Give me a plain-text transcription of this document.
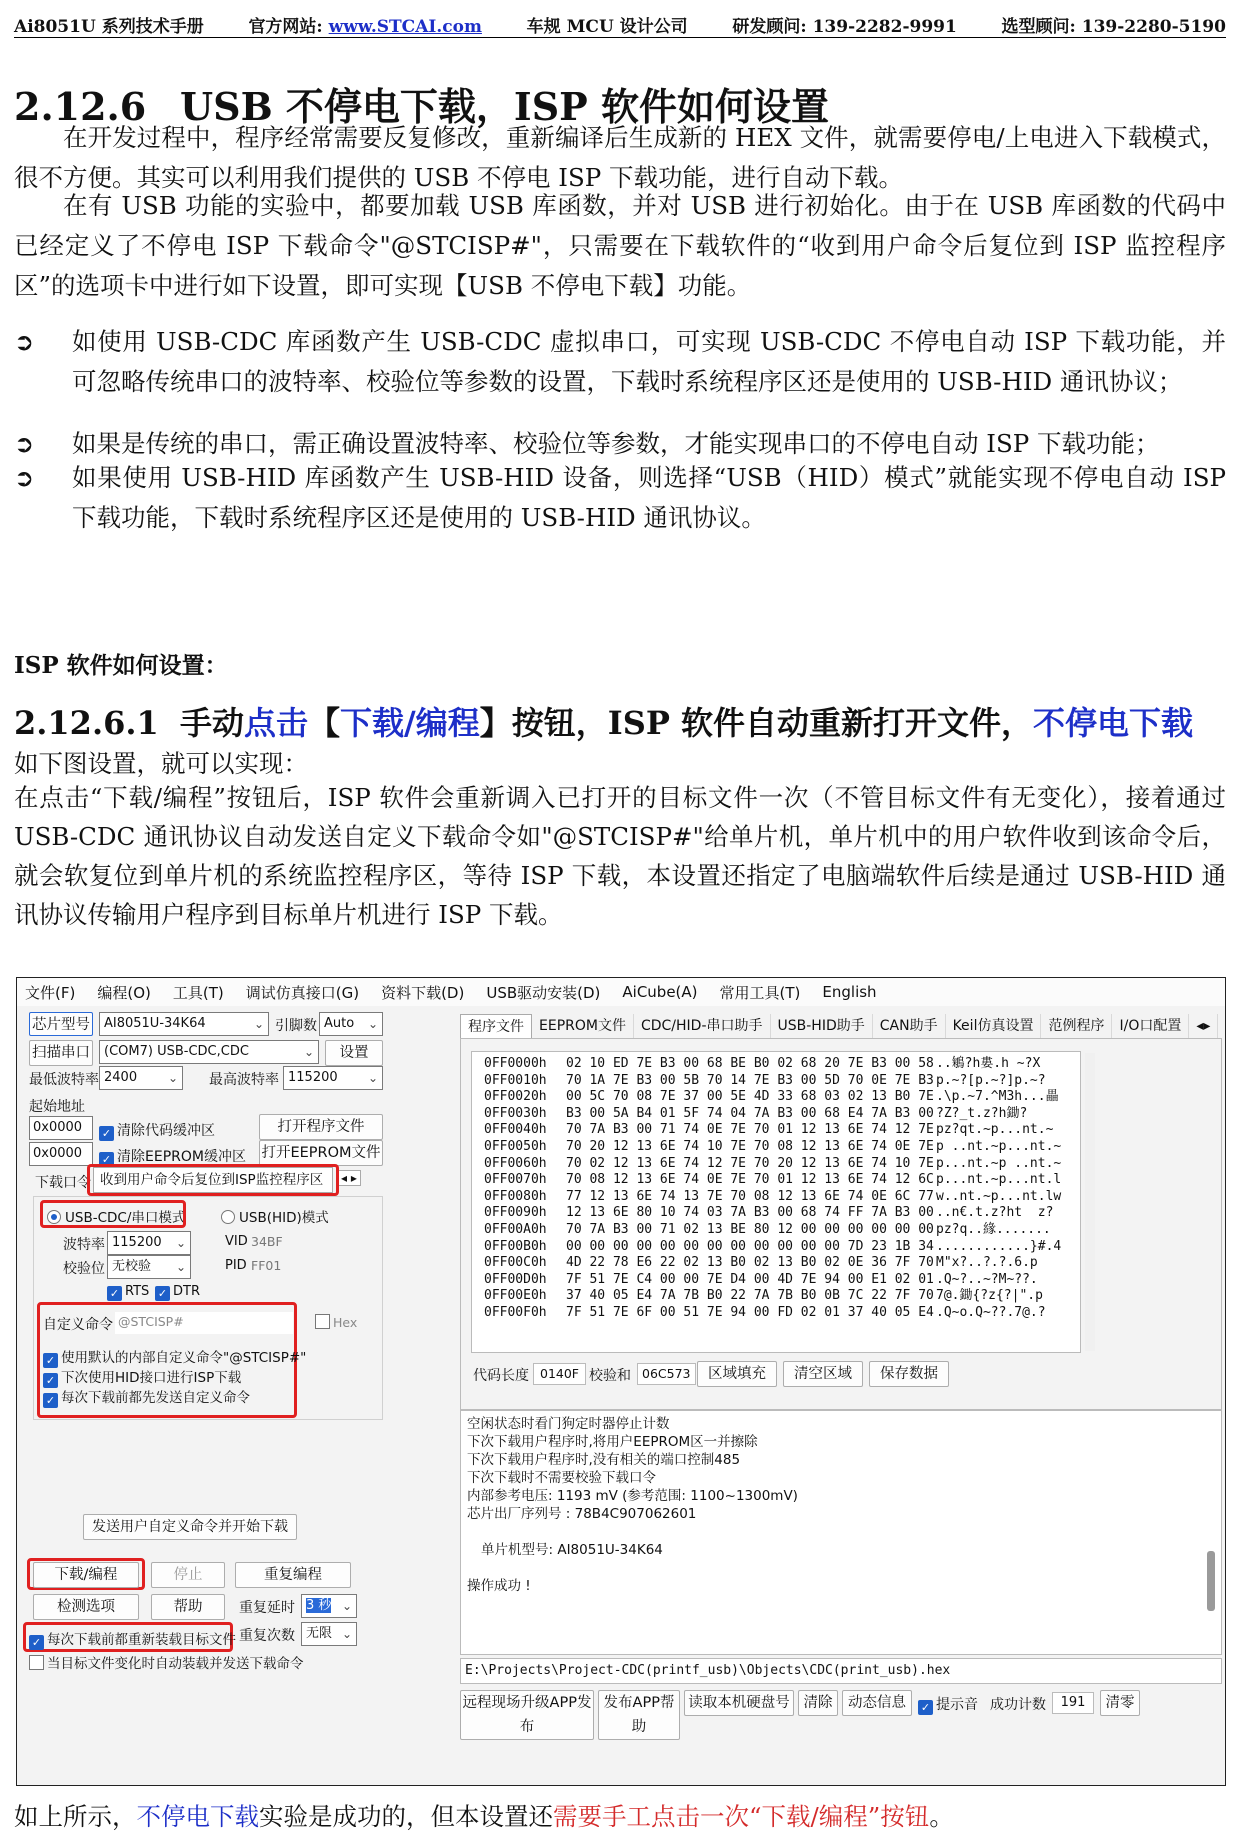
Ai8051U 系列技术手册	官方网站: www.STCAI.com	车规 MCU 设计公司	研发顾问: 139-2282-9991	选型顾问: 139-2280-5190
2.12.6 USB 不停电下载，ISP 软件如何设置
在开发过程中，程序经常需要反复修改，重新编译后生成新的 HEX 文件，就需要停电/上电进入下载模式，很不方便。其实可以利用我们提供的 USB 不停电 ISP 下载功能，进行自动下载。
在有 USB 功能的实验中，都要加载 USB 库函数，并对 USB 进行初始化。由于在 USB 库函数的代码中已经定义了不停电 ISP 下载命令"@STCISP#"，只需要在下载软件的“收到用户命令后复位到 ISP 监控程序区”的选项卡中进行如下设置，即可实现【USB 不停电下载】功能。
➲	如使用 USB-CDC 库函数产生 USB-CDC 虚拟串口，可实现 USB-CDC 不停电自动 ISP 下载功能，并可忽略传统串口的波特率、校验位等参数的设置，下载时系统程序区还是使用的 USB-HID 通讯协议；
➲	如果是传统的串口，需正确设置波特率、校验位等参数，才能实现串口的不停电自动 ISP 下载功能；
➲	如果使用 USB-HID 库函数产生 USB-HID 设备，则选择“USB（HID）模式”就能实现不停电自动 ISP 下载功能，下载时系统程序区还是使用的 USB-HID 通讯协议。
ISP 软件如何设置：
2.12.6.1 手动点击【下载/编程】按钮，ISP 软件自动重新打开文件，不停电下载
如下图设置，就可以实现：
在点击“下载/编程”按钮后，ISP 软件会重新调入已打开的目标文件一次（不管目标文件有无变化），接着通过 USB-CDC 通讯协议自动发送自定义下载命令如"@STCISP#"给单片机，单片机中的用户软件收到该命令后，就会软复位到单片机的系统监控程序区，等待 ISP 下载，本设置还指定了电脑端软件后续是通过 USB-HID 通讯协议传输用户程序到目标单片机进行 ISP 下载。
文件(F) 编程(O) 工具(T) 调试仿真接口(G) 资料下载(D) USB驱动安装(D) AiCube(A) 常用工具(T) English
芯片型号	AI8051U-34K64	⌄ 引脚数 Auto ⌄
扫描串口	(COM7) USB-CDC,CDC	⌄	设置
最低波特率 2400	⌄ 最高波特率 115200	⌄
起始地址
0x0000	✓ 清除代码缓冲区	打开程序文件
0x0000	✓ 清除EEPROM缓冲区 打开EEPROM文件
下载口令 收到用户命令后复位到ISP监控程序区	◂ ▸
USB-CDC/串口模式	USB(HID)模式
波特率 115200 ⌄	VID 34BF
校验位 无校验 ⌄	PID FF01
✓ RTS ✓ DTR
自定义命令 @STCISP#	Hex
✓ 使用默认的内部自定义命令"@STCISP#"
✓ 下次使用HID接口进行ISP下载
✓ 每次下载前都先发送自定义命令
发送用户自定义命令并开始下载
下载/编程	停止	重复编程
检测选项	帮助	重复延时 3 秒 ⌄
✓ 每次下载前都重新装载目标文件 重复次数 无限 ⌄
当目标文件变化时自动装载并发送下载命令
程序文件	EEPROM文件	CDC/HID-串口助手	USB-HID助手	CAN助手	Keil仿真设置	范例程序	I/O口配置	◂▸
0FF0000h	02 10 ED 7E B3 00 68 BE B0 02 68 20 7E B3 00 58 ..鵴?h婁.h ~?X
0FF0010h	70 1A 7E B3 00 5B 70 14 7E B3 00 5D 70 0E 7E B3 p.~?[p.~?]p.~?
0FF0020h	00 5C 70 08 7E 37 00 5E 4D 33 68 03 02 13 B0 7E .\p.~7.^M3h...畾
0FF0030h	B3 00 5A B4 01 5F 74 04 7A B3 00 68 E4 7A B3 00 ?Z?_t.z?h鋤?
0FF0040h	70 7A B3 00 71 74 0E 7E 70 01 12 13 6E 74 12 7E pz?qt.~p...nt.~
0FF0050h	70 20 12 13 6E 74 10 7E 70 08 12 13 6E 74 0E 7E p ..nt.~p...nt.~
0FF0060h	70 02 12 13 6E 74 12 7E 70 20 12 13 6E 74 10 7E p...nt.~p ..nt.~
0FF0070h	70 08 12 13 6E 74 0E 7E 70 01 12 13 6E 74 12 6C p...nt.~p...nt.l
0FF0080h	77 12 13 6E 74 13 7E 70 08 12 13 6E 74 0E 6C 77 w..nt.~p...nt.lw
0FF0090h	12 13 6E 80 10 74 03 7A B3 00 68 74 FF 7A B3 00 ..n€.t.z?ht  z?
0FF00A0h	70 7A B3 00 71 02 13 BE 80 12 00 00 00 00 00 00 pz?q..緣.......
0FF00B0h	00 00 00 00 00 00 00 00 00 00 00 00 7D 23 1B 34 ............}#.4
0FF00C0h	4D 22 78 E6 22 02 13 B0 02 13 B0 02 0E 36 7F 70 M"x?..?.?.6.p
0FF00D0h	7F 51 7E C4 00 00 7E D4 00 4D 7E 94 00 E1 02 01 .Q~?..~?M~??.
0FF00E0h	37 40 05 E4 7A 7B B0 22 7A 7B B0 0B 7C 22 7F 70 7@.鋤{?z{?|".p
0FF00F0h	7F 51 7E 6F 00 51 7E 94 00 FD 02 01 37 40 05 E4 .Q~o.Q~??.7@.?
代码长度 0140F 校验和 06C573	区域填充	清空区域	保存数据
空闲状态时看门狗定时器停止计数
下次下载用户程序时,将用户EEPROM区一并擦除
下次下载用户程序时,没有相关的端口控制485
下次下载时不需要校验下载口令
内部参考电压: 1193 mV (参考范围: 1100~1300mV)
芯片出厂序列号 : 78B4C907062601
单片机型号: AI8051U-34K64
操作成功 !
E:\Projects\Project-CDC(printf_usb)\Objects\CDC(print_usb).hex
远程现场升级APP发布
发布APP帮助
读取本机硬盘号 清除	动态信息	✓ 提示音 成功计数	191	清零
如上所示，不停电下载实验是成功的，但本设置还需要手工点击一次“下载/编程”按钮。
